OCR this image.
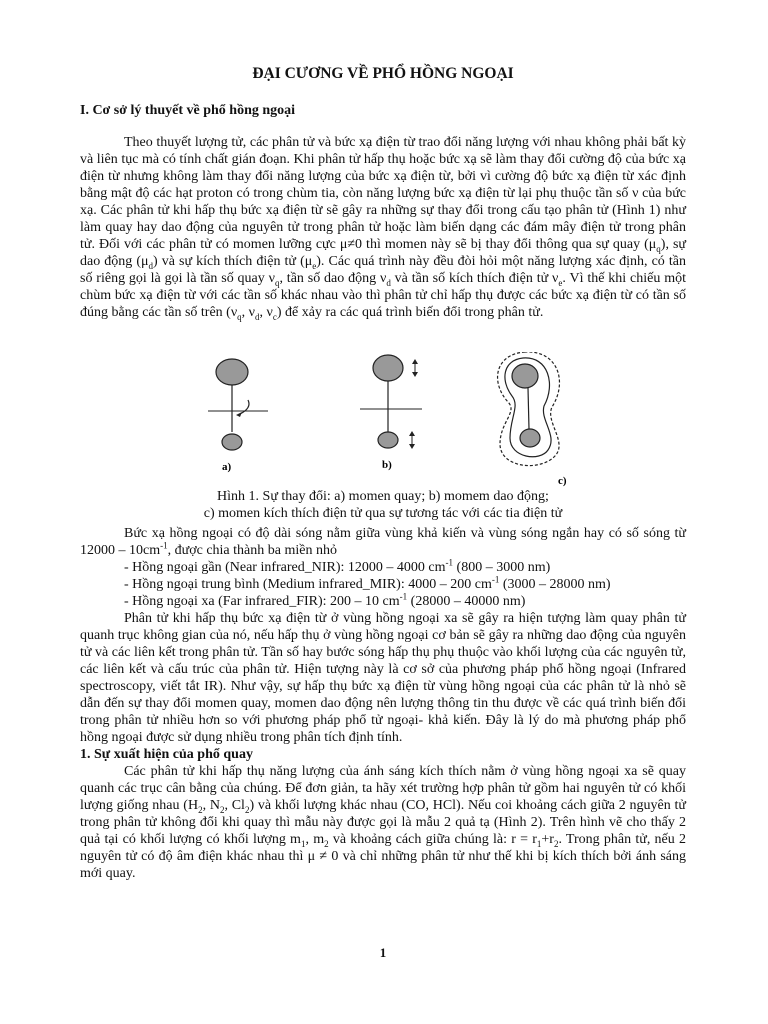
ĐẠI CƯƠNG VỀ PHỔ HỒNG NGOẠI
I. Cơ sở lý thuyết về phổ hồng ngoại

Theo thuyết lượng tử, các phân tử và bức xạ điện từ trao đổi năng lượng với nhau không phải bất kỳ và liên tục mà có tính chất gián đoạn. Khi phân tử hấp thụ hoặc bức xạ sẽ làm thay đổi cường độ của bức xạ điện từ nhưng không làm thay đổi năng lượng của bức xạ điện từ, bởi vì cường độ bức xạ điện từ xác định bằng mật độ các hạt proton có trong chùm tia, còn năng lượng bức xạ điện từ lại phụ thuộc tần số ν của bức xạ. Các phân tử khi hấp thụ bức xạ điện từ sẽ gây ra những sự thay đổi trong cấu tạo phân tử (Hình 1) như làm quay hay dao động của nguyên tử trong phân tử hoặc làm biến dạng các đám mây điện tử trong phân tử. Đối với các phân tử có momen lưỡng cực μ≠0 thì momen này sẽ bị thay đổi thông qua sự quay $(\mu_q)$, sự dao động $(\mu_d)$ và sự kích thích điện tử $(\mu_e)$. Các quá trình này đều đòi hỏi một năng lượng xác định, có tần số riêng gọi là gọi là tần số quay $\nu_q$, tần số dao động $\nu_d$ và tần số kích thích điện tử $\nu_e$. Vì thế khi chiếu một chùm bức xạ điện từ với các tần số khác nhau vào thì phân tử chỉ hấp thụ được các bức xạ điện từ có tần số đúng bằng các tần số trên ($\nu_q$, $\nu_d$, $\nu_c$) để xảy ra các quá trình biến đổi trong phân tử.

a)	b)
c)
Hình 1. Sự thay đổi: a) momen quay; b) momem dao động;
c) momen kích thích điện tử qua sự tương tác với các tia điện tử

Bức xạ hồng ngoại có độ dài sóng nằm giữa vùng khả kiến và vùng sóng ngắn hay có số sóng từ $12000 - 10cm^{-1}$, được chia thành ba miền nhỏ

- Hồng ngoại gần (Near infrared_NIR): 12000 – 4000 $cm^{-1}$ (800 – 3000 nm)
- Hồng ngoại trung bình (Medium infrared_MIR): 4000 – 200 $cm^{-1}$ (3000 – 28000 nm)
- Hồng ngoại xa (Far infrared_FIR): 200 – 10 $cm^{-1}$ (28000 – 40000 nm)

Phân tử khi hấp thụ bức xạ điện từ ở vùng hồng ngoại xa sẽ gây ra hiện tượng làm quay phân tử quanh trục không gian của nó, nếu hấp thụ ở vùng hồng ngoại cơ bản sẽ gây ra những dao động của nguyên tử và các liên kết trong phân tử. Tần số hay bước sóng hấp thụ phụ thuộc vào khối lượng của các nguyên tử, các liên kết và cấu trúc của phân tử. Hiện tượng này là cơ sở của phương pháp phổ hồng ngoại (Infrared spectroscopy, viết tắt IR). Như vậy, sự hấp thụ bức xạ điện từ vùng hồng ngoại của các phân tử là nhỏ sẽ dẫn đến sự thay đổi momen quay, momen dao động nên lượng thông tin thu được về các quá trình biến đổi trong phân tử nhiều hơn so với phương pháp phổ tử ngoại- khả kiến. Đây là lý do mà phương pháp phổ hồng ngoại được sử dụng nhiều trong phân tích định tính.

1. Sự xuất hiện của phổ quay

Các phân tử khi hấp thụ năng lượng của ánh sáng kích thích nằm ở vùng hồng ngoại xa sẽ quay quanh các trục cân bằng của chúng. Để đơn giản, ta hãy xét trường hợp phân tử gồm hai nguyên tử có khối lượng giống nhau ($H_2$, $N_2$, $Cl_2$) và khối lượng khác nhau (CO, HCl). Nếu coi khoảng cách giữa 2 nguyên tử trong phân tử không đổi khi quay thì mẫu này được gọi là mẫu 2 quả tạ (Hình 2). Trên hình vẽ cho thấy 2 quả tại có khối lượng có khối lượng $m_1$, $m_2$ và khoảng cách giữa chúng là: $r = r_1+r_2$. Trong phân tử, nếu 2 nguyên tử có độ âm điện khác nhau thì μ ≠ 0 và chỉ những phân tử như thế khi bị kích thích bởi ánh sáng mới quay.

1
